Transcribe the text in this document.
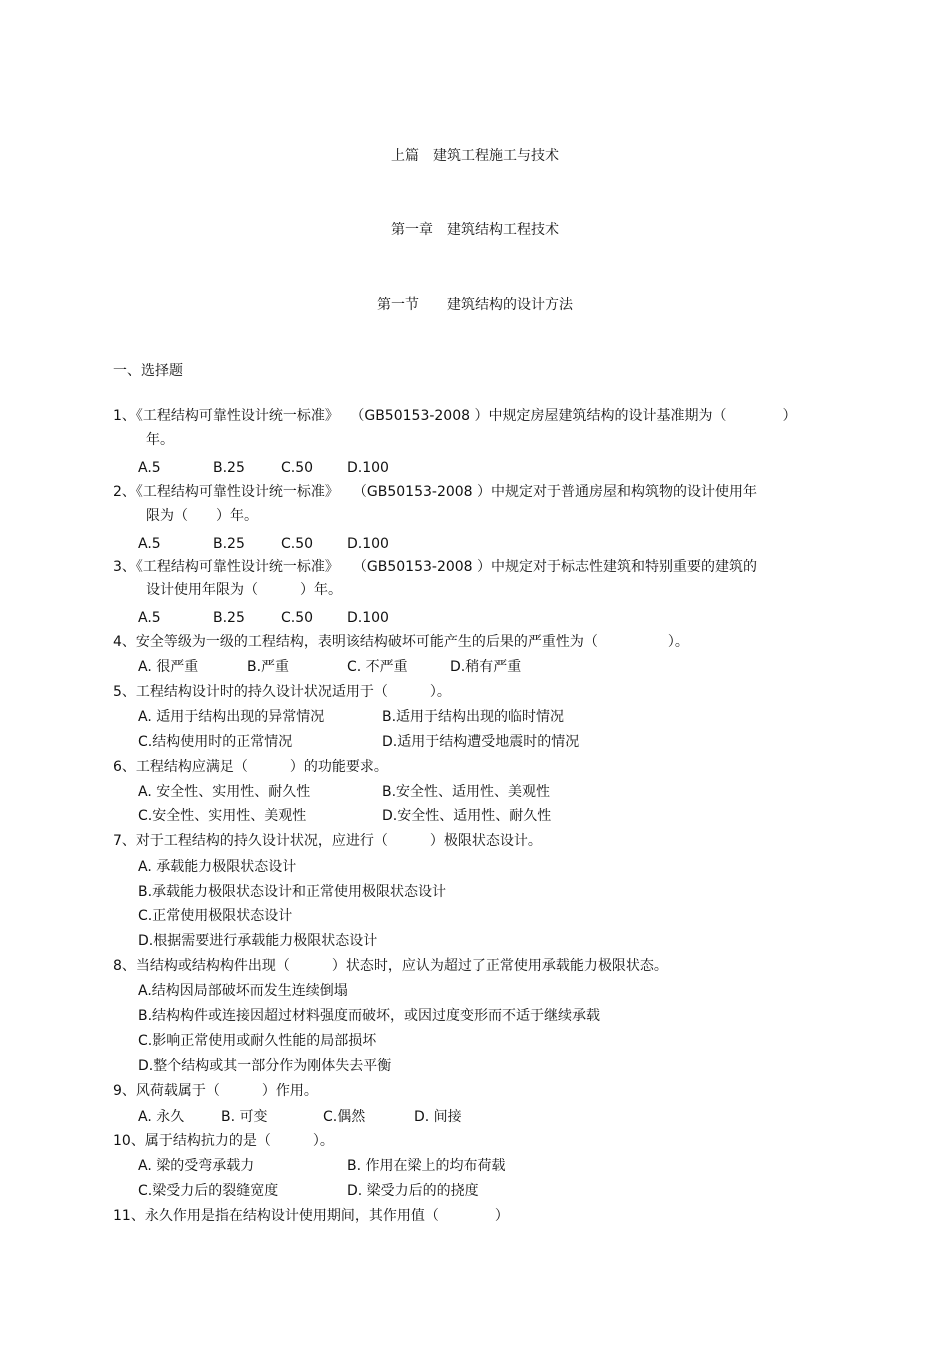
上篇　建筑工程施工与技术
第一章　建筑结构工程技术
第一节　　建筑结构的设计方法
一、选择题
1、《工程结构可靠性设计统一标准》　 （GB50153-2008 ）中规定房屋建筑结构的设计基准期为（　　　　）
年。
A.5	B.25	C.50 D.100
2、《工程结构可靠性设计统一标准》　　（GB50153-2008 ）中规定对于普通房屋和构筑物的设计使用年
限为（　　）年。
A.5	B.25	C.50 D.100
3、《工程结构可靠性设计统一标准》　　（GB50153-2008 ）中规定对于标志性建筑和特别重要的建筑的
设计使用年限为（　　　）年。
A.5	B.25	C.50 D.100
4、安全等级为一级的工程结构，表明该结构破坏可能产生的后果的严重性为（　　　　　）。
A. 很严重	B.严重	C. 不严重	D.稍有严重
5、工程结构设计时的持久设计状况适用于（　　　）。
A. 适用于结构出现的异常情况	B.适用于结构出现的临时情况
C.结构使用时的正常情况	D.适用于结构遭受地震时的情况
6、工程结构应满足（　　　）的功能要求。
A. 安全性、实用性、耐久性	B.安全性、适用性、美观性
C.安全性、实用性、美观性	D.安全性、适用性、耐久性
7、对于工程结构的持久设计状况，应进行（　　　）极限状态设计。
A. 承载能力极限状态设计
B.承载能力极限状态设计和正常使用极限状态设计
C.正常使用极限状态设计
D.根据需要进行承载能力极限状态设计
8、当结构或结构构件出现（　　　）状态时，应认为超过了正常使用承载能力极限状态。
A.结构因局部破坏而发生连续倒塌
B.结构构件或连接因超过材料强度而破坏，或因过度变形而不适于继续承载
C.影响正常使用或耐久性能的局部损坏
D.整个结构或其一部分作为刚体失去平衡
9、风荷载属于（　　　）作用。
A. 永久	B. 可变	C.偶然	D. 间接
10、属于结构抗力的是（　　　）。
A. 梁的受弯承载力	B. 作用在梁上的均布荷载
C.梁受力后的裂缝宽度	D. 梁受力后的的挠度
11、永久作用是指在结构设计使用期间，其作用值（　　　　）
